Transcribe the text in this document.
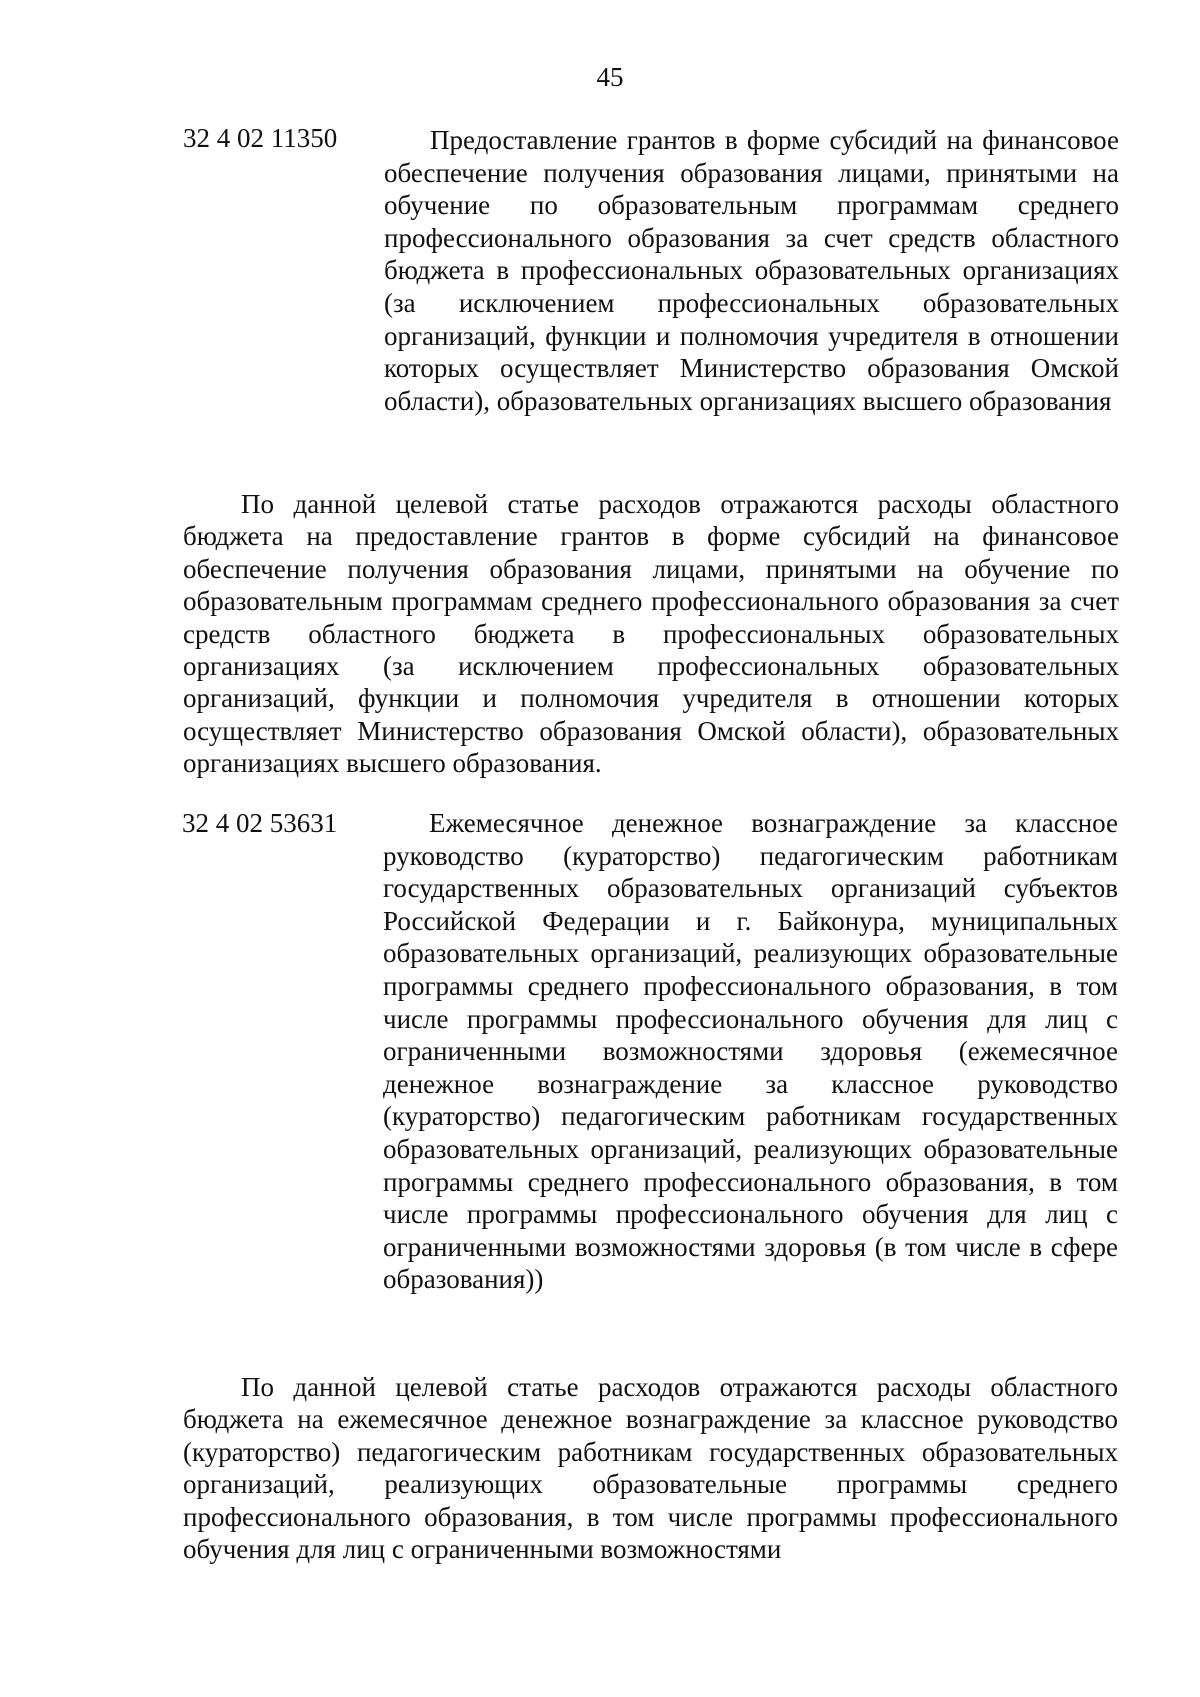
45
32 4 02 11350	Предоставление грантов в форме субсидий на финансовое обеспечение получения образования лицами, принятыми на обучение по образовательным программам среднего профессионального образования за счет средств областного бюджета в профессиональных образовательных организациях (за исключением профессиональных образовательных организаций, функции и полномочия учредителя в отношении которых осуществляет Министерство образования Омской области), образовательных организациях высшего образования
По данной целевой статье расходов отражаются расходы областного бюджета на предоставление грантов в форме субсидий на финансовое обеспечение получения образования лицами, принятыми на обучение по образовательным программам среднего профессионального образования за счет средств областного бюджета в профессиональных образовательных организациях (за исключением профессиональных образовательных организаций, функции и полномочия учредителя в отношении которых осуществляет Министерство образования Омской области), образовательных организациях высшего образования.
32 4 02 53631	Ежемесячное денежное вознаграждение за классное руководство (кураторство) педагогическим работникам государственных образовательных организаций субъектов Российской Федерации и г. Байконура, муниципальных образовательных организаций, реализующих образовательные программы среднего профессионального образования, в том числе программы профессионального обучения для лиц с ограниченными возможностями здоровья (ежемесячное денежное вознаграждение за классное руководство (кураторство) педагогическим работникам государственных образовательных организаций, реализующих образовательные программы среднего профессионального образования, в том числе программы профессионального обучения для лиц с ограниченными возможностями здоровья (в том числе в сфере образования))
По данной целевой статье расходов отражаются расходы областного бюджета на ежемесячное денежное вознаграждение за классное руководство (кураторство) педагогическим работникам государственных образовательных организаций, реализующих образовательные программы среднего профессионального образования, в том числе программы профессионального обучения для лиц с ограниченными возможностями
